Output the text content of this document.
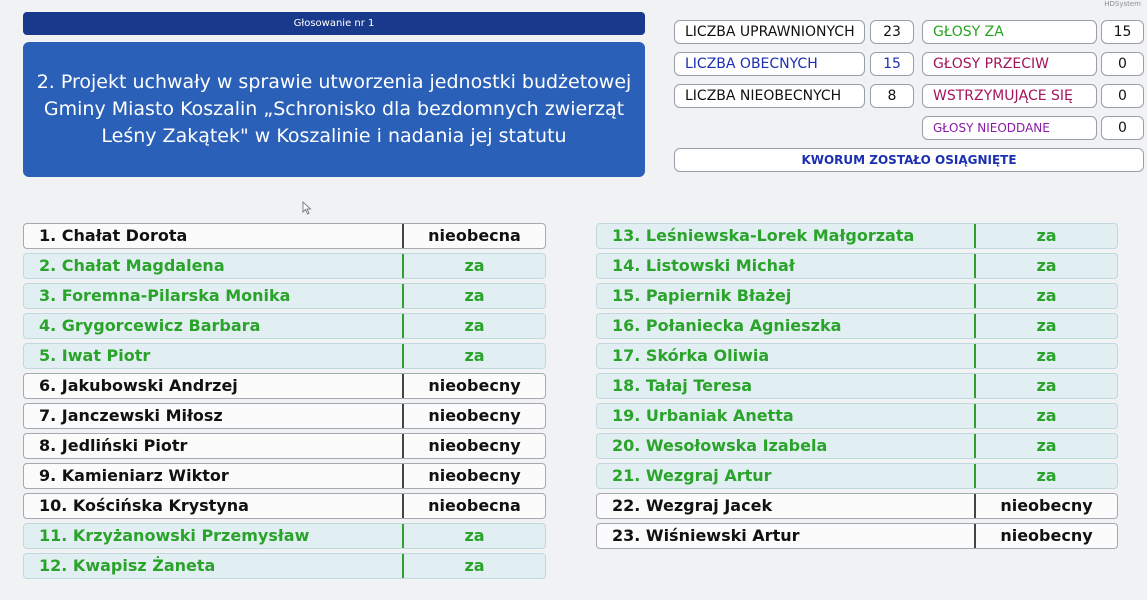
HDSystem
Głosowanie nr 1
2. Projekt uchwały w sprawie utworzenia jednostki budżetowej Gminy Miasto Koszalin „Schronisko dla bezdomnych zwierząt Leśny Zakątek" w Koszalinie i nadania jej statutu
LICZBA UPRAWNIONYCH	23
LICZBA OBECNYCH	15
LICZBA NIEOBECNYCH	8
GŁOSY ZA	15
GŁOSY PRZECIW	0
WSTRZYMUJĄCE SIĘ	0
GŁOSY NIEODDANE	0
KWORUM ZOSTAŁO OSIĄGNIĘTE
1. Chałat Dorota	nieobecna
2. Chałat Magdalena	za
3. Foremna-Pilarska Monika	za
4. Grygorcewicz Barbara	za
5. Iwat Piotr	za
6. Jakubowski Andrzej	nieobecny
7. Janczewski Miłosz	nieobecny
8. Jedliński Piotr	nieobecny
9. Kamieniarz Wiktor	nieobecny
10. Kościńska Krystyna	nieobecna
11. Krzyżanowski Przemysław	za
12. Kwapisz Żaneta	za
13. Leśniewska-Lorek Małgorzata	za
14. Listowski Michał	za
15. Papiernik Błażej	za
16. Połaniecka Agnieszka	za
17. Skórka Oliwia	za
18. Tałaj Teresa	za
19. Urbaniak Anetta	za
20. Wesołowska Izabela	za
21. Wezgraj Artur	za
22. Wezgraj Jacek	nieobecny
23. Wiśniewski Artur	nieobecny
